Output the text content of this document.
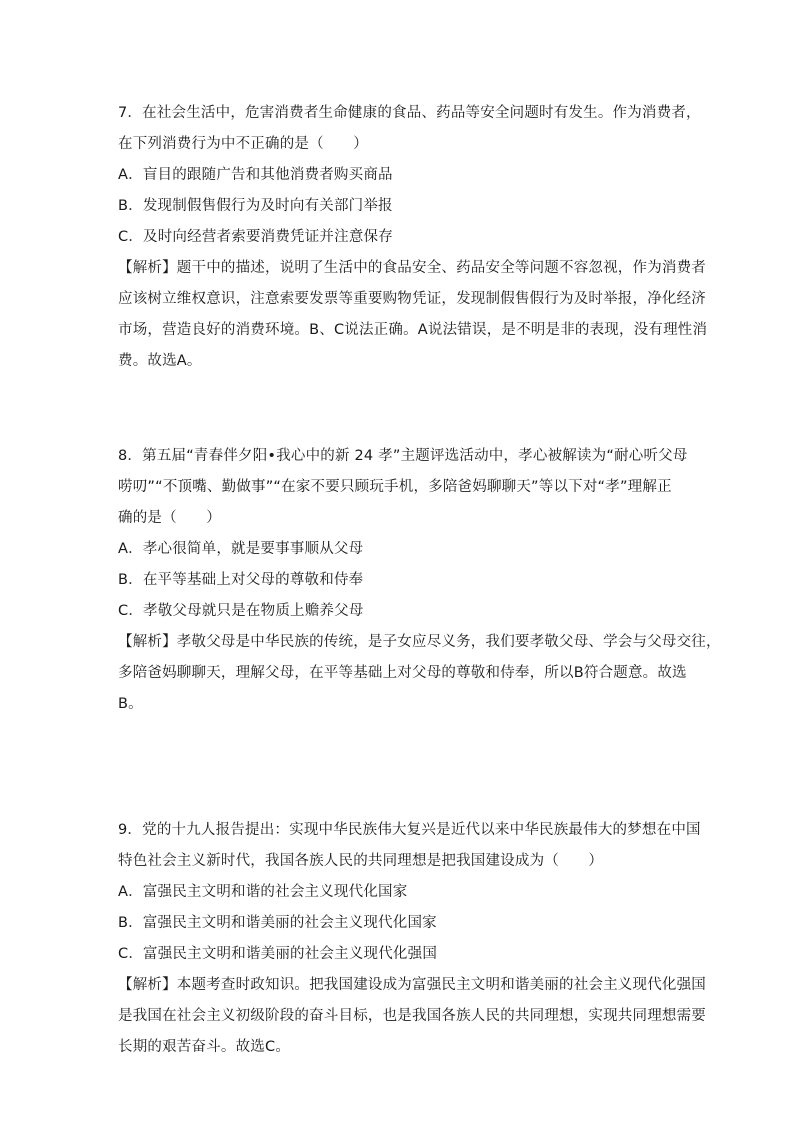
7．在社会生活中，危害消费者生命健康的食品、药品等安全问题时有发生。作为消费者，
在下列消费行为中不正确的是（　　）
A．盲目的跟随广告和其他消费者购买商品
B．发现制假售假行为及时向有关部门举报
C．及时向经营者索要消费凭证并注意保存
【解析】题干中的描述，说明了生活中的食品安全、药品安全等问题不容忽视，作为消费者
应该树立维权意识，注意索要发票等重要购物凭证，发现制假售假行为及时举报，净化经济
市场，营造良好的消费环境。B、C说法正确。A说法错误，是不明是非的表现，没有理性消
费。故选A。
8．第五届“青春伴夕阳•我心中的新 24 孝”主题评选活动中，孝心被解读为“耐心听父母
唠叨”“不顶嘴、勤做事”“在家不要只顾玩手机，多陪爸妈聊聊天”等以下对“孝”理解正
确的是（　　）
A．孝心很简单，就是要事事顺从父母
B．在平等基础上对父母的尊敬和侍奉
C．孝敬父母就只是在物质上赡养父母
【解析】孝敬父母是中华民族的传统，是子女应尽义务，我们要孝敬父母、学会与父母交往，
多陪爸妈聊聊天，理解父母，在平等基础上对父母的尊敬和侍奉，所以B符合题意。故选
B。
9．党的十九人报告提出：实现中华民族伟大复兴是近代以来中华民族最伟大的梦想在中国
特色社会主义新时代，我国各族人民的共同理想是把我国建设成为（　　）
A．富强民主文明和谐的社会主义现代化国家
B．富强民主文明和谐美丽的社会主义现代化国家
C．富强民主文明和谐美丽的社会主义现代化强国
【解析】本题考查时政知识。把我国建设成为富强民主文明和谐美丽的社会主义现代化强国
是我国在社会主义初级阶段的奋斗目标，也是我国各族人民的共同理想，实现共同理想需要
长期的艰苦奋斗。故选C。
